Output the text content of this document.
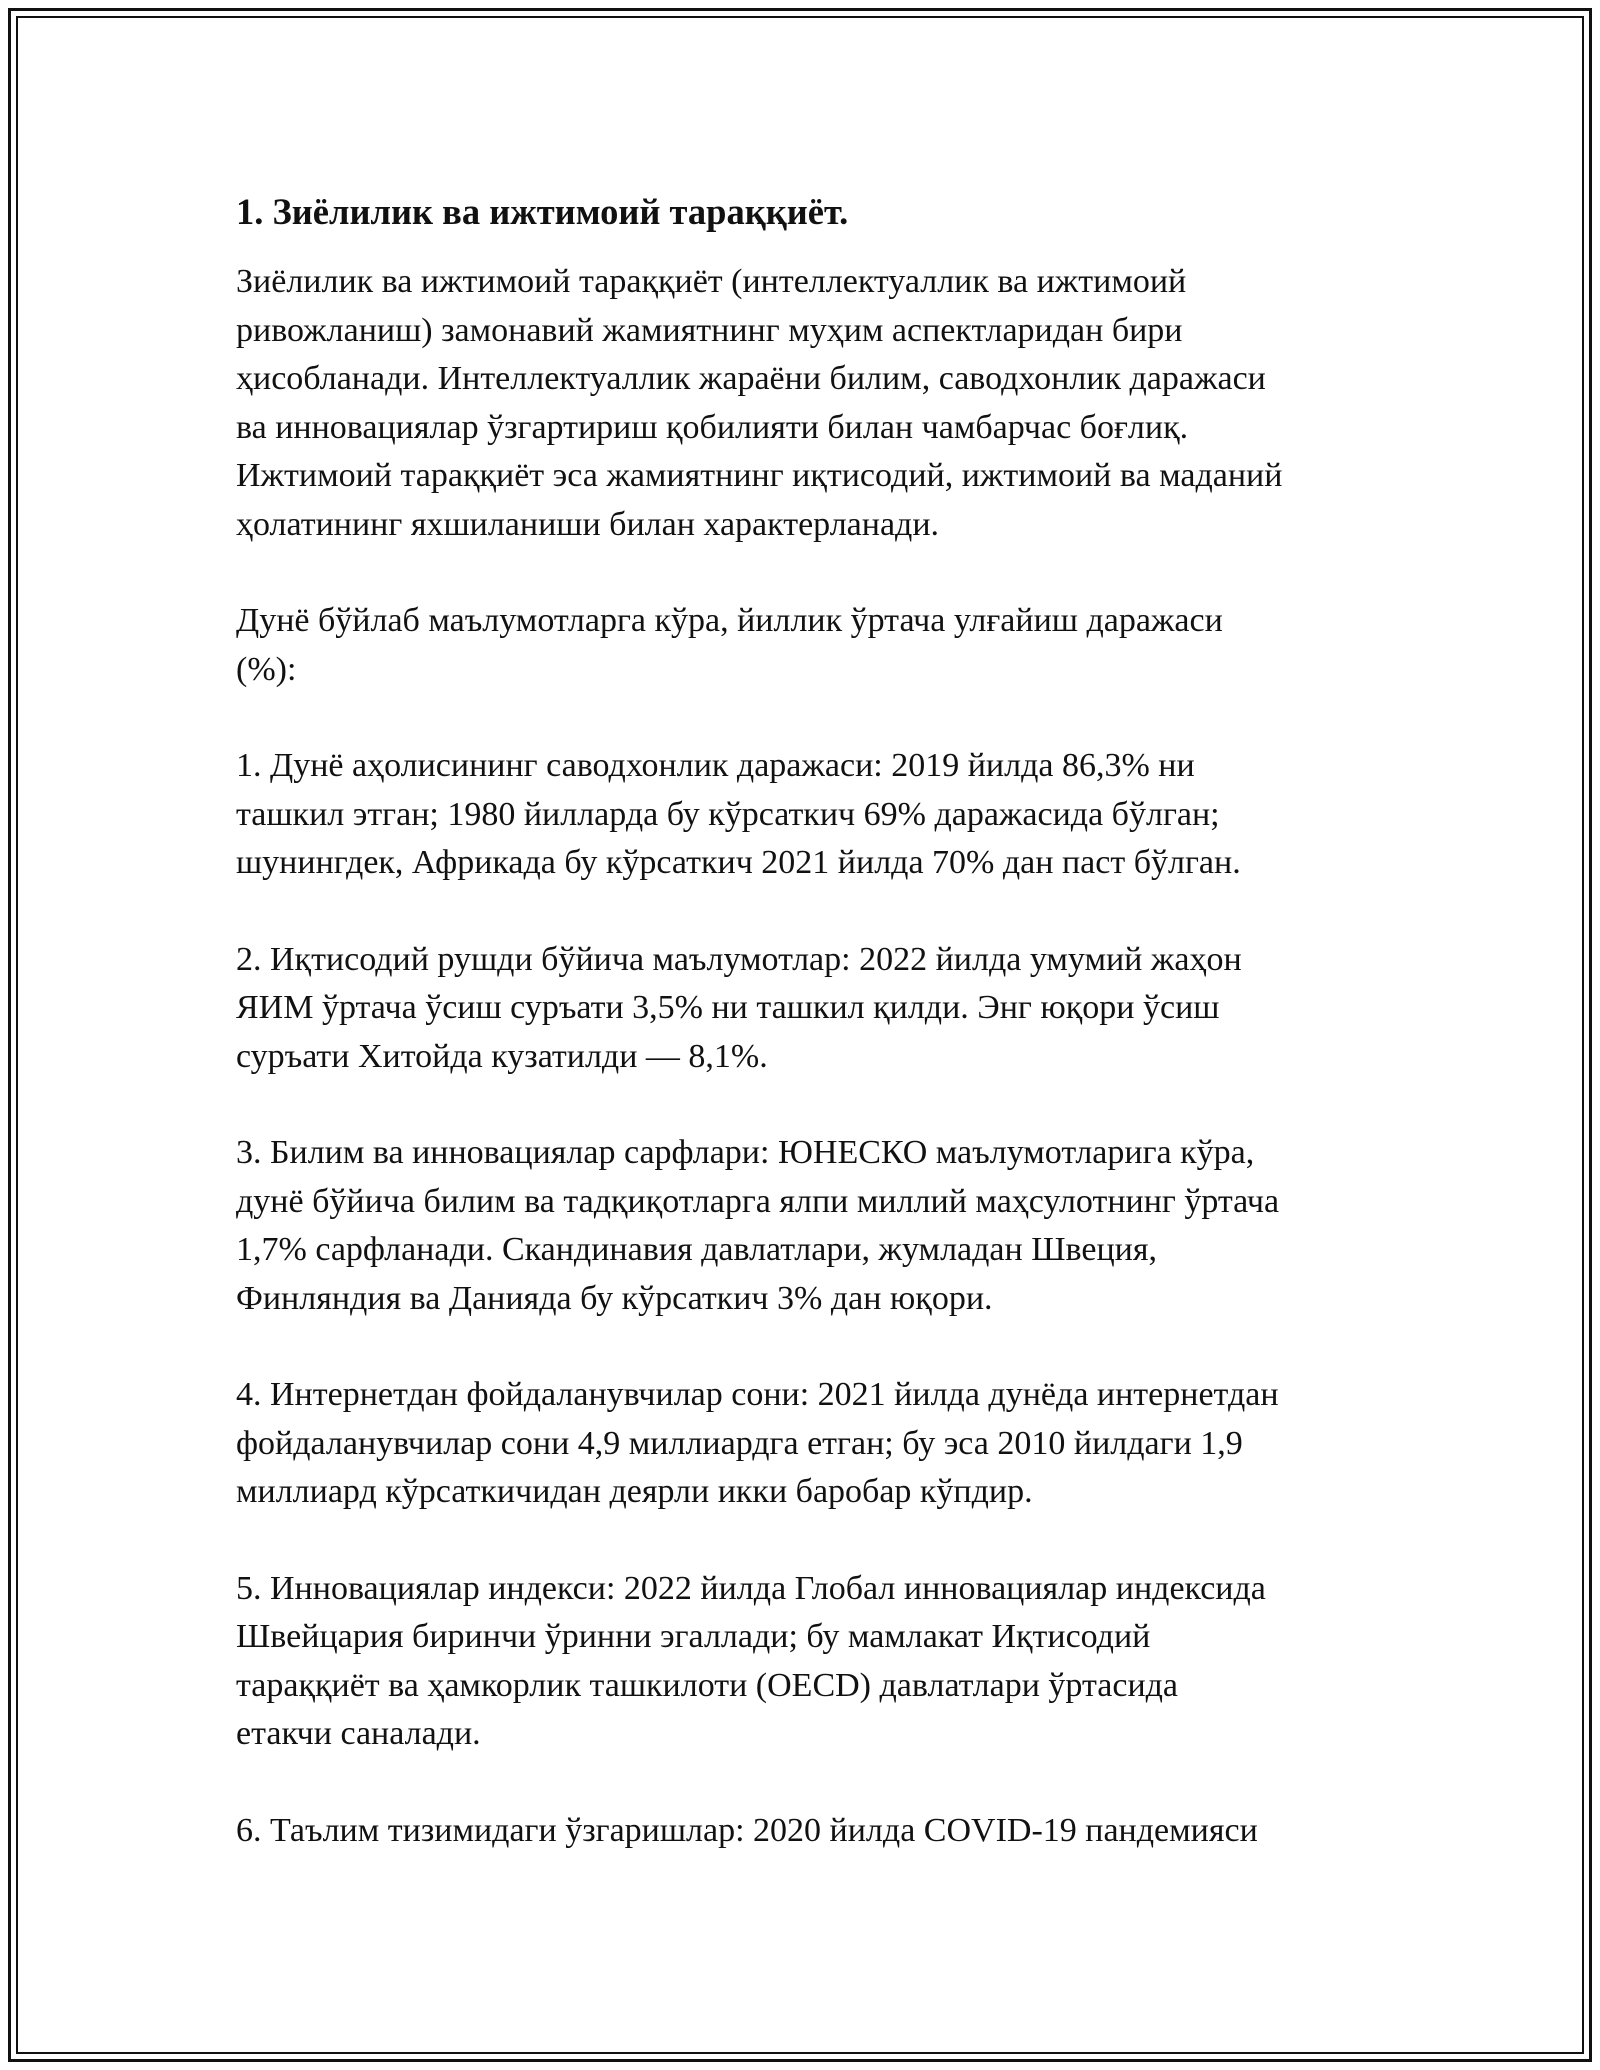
1. Зиёлилик ва ижтимоий тараққиёт.

Зиёлилик ва ижтимоий тараққиёт (интеллектуаллик ва ижтимоий
ривожланиш) замонавий жамиятнинг муҳим аспектларидан бири
ҳисобланади. Интеллектуаллик жараёни билим, саводхонлик даражаси
ва инновациялар ўзгартириш қобилияти билан чамбарчас боғлиқ.
Ижтимоий тараққиёт эса жамиятнинг иқтисодий, ижтимоий ва маданий
ҳолатининг яхшиланиши билан характерланади.

Дунё бўйлаб маълумотларга кўра, йиллик ўртача улғайиш даражаси
(%):

1. Дунё аҳолисининг саводхонлик даражаси: 2019 йилда 86,3% ни
ташкил этган; 1980 йилларда бу кўрсаткич 69% даражасида бўлган;
шунингдек, Африкада бу кўрсаткич 2021 йилда 70% дан паст бўлган.

2. Иқтисодий рушди бўйича маълумотлар: 2022 йилда умумий жаҳон
ЯИМ ўртача ўсиш суръати 3,5% ни ташкил қилди. Энг юқори ўсиш
суръати Хитойда кузатилди — 8,1%.

3. Билим ва инновациялар сарфлари: ЮНЕСКО маълумотларига кўра,
дунё бўйича билим ва тадқиқотларга ялпи миллий маҳсулотнинг ўртача
1,7% сарфланади. Скандинавия давлатлари, жумладан Швеция,
Финляндия ва Данияда бу кўрсаткич 3% дан юқори.

4. Интернетдан фойдаланувчилар сони: 2021 йилда дунёда интернетдан
фойдаланувчилар сони 4,9 миллиардга етган; бу эса 2010 йилдаги 1,9
миллиард кўрсаткичидан деярли икки баробар кўпдир.

5. Инновациялар индекси: 2022 йилда Глобал инновациялар индексида
Швейцария биринчи ўринни эгаллади; бу мамлакат Иқтисодий
тараққиёт ва ҳамкорлик ташкилоти (OECD) давлатлари ўртасида
етакчи саналади.

6. Таълим тизимидаги ўзгаришлар: 2020 йилда COVID-19 пандемияси
